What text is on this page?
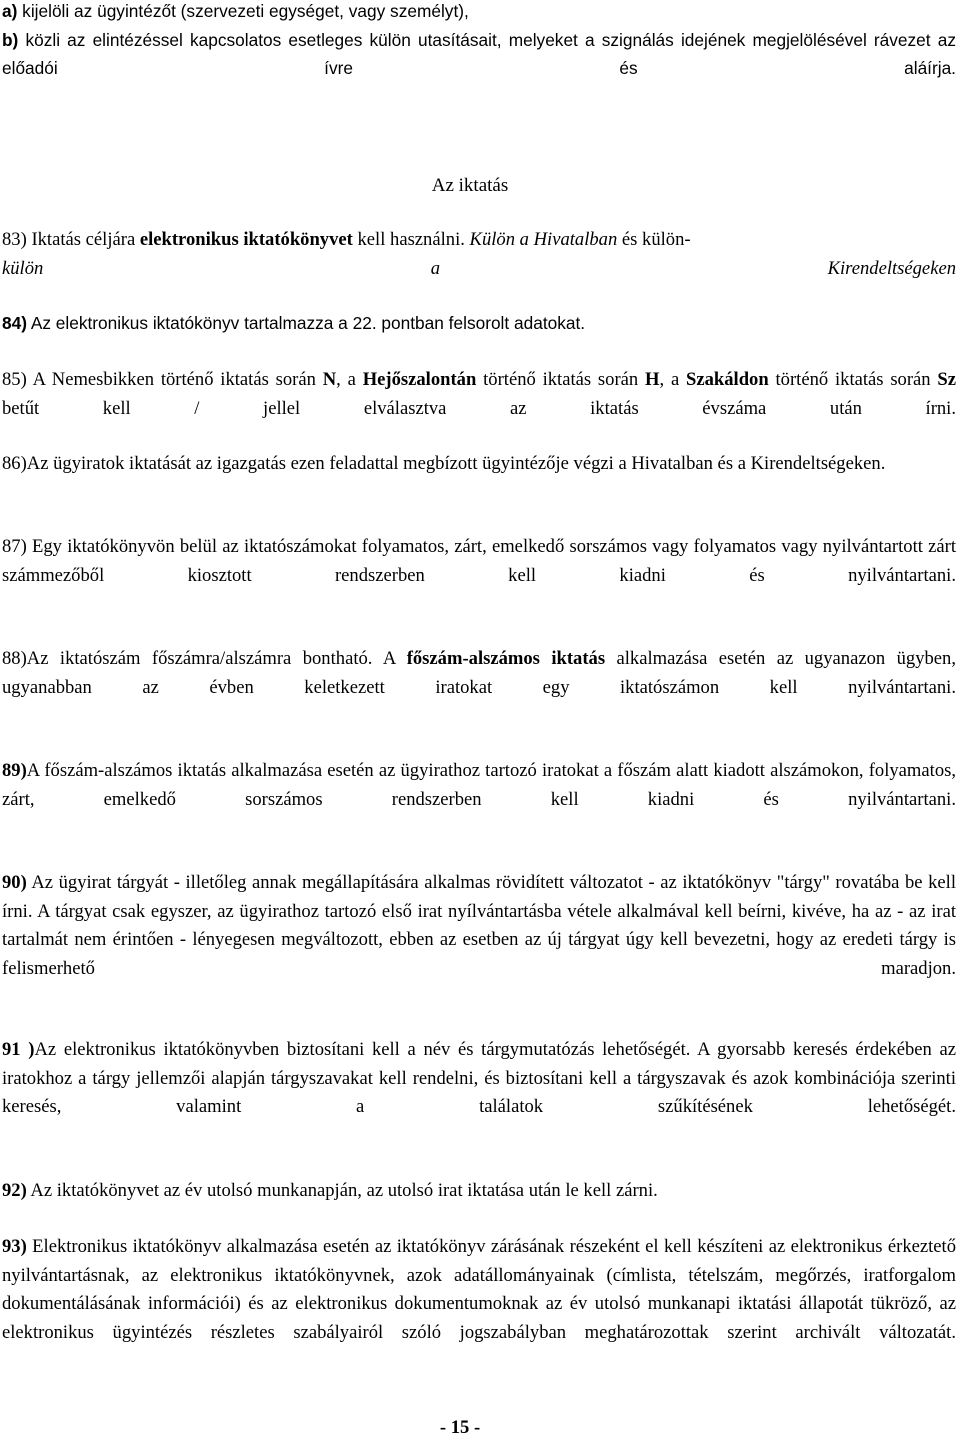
a) kijelöli az ügyintézőt (szervezeti egységet, vagy személyt),
b) közli az elintézéssel kapcsolatos esetleges külön utasításait, melyeket a szignálás idejének megjelölésével rávezet az előadói ívre és aláírja.

Az iktatás

83) Iktatás céljára elektronikus iktatókönyvet kell használni. Külön a Hivatalban és külön-
külön a Kirendeltségeken

84) Az elektronikus iktatókönyv tartalmazza a 22. pontban felsorolt adatokat.

85) A Nemesbikken történő iktatás során N, a Hejőszalontán történő iktatás során H, a Szakáldon történő iktatás során Sz betűt kell / jellel elválasztva az iktatás évszáma után írni.

86)Az ügyiratok iktatását az igazgatás ezen feladattal megbízott ügyintézője végzi a Hivatalban és a Kirendeltségeken.

87) Egy iktatókönyvön belül az iktatószámokat folyamatos, zárt, emelkedő sorszámos vagy folyamatos vagy nyilvántartott zárt számmezőből kiosztott rendszerben kell kiadni és nyilvántartani.

88)Az iktatószám főszámra/alszámra bontható. A főszám-alszámos iktatás alkalmazása esetén az ugyanazon ügyben, ugyanabban az évben keletkezett iratokat egy iktatószámon kell nyilvántartani.

89)A főszám-alszámos iktatás alkalmazása esetén az ügyirathoz tartozó iratokat a főszám alatt kiadott alszámokon, folyamatos, zárt, emelkedő sorszámos rendszerben kell kiadni és nyilvántartani.

90) Az ügyirat tárgyát - illetőleg annak megállapítására alkalmas rövidített változatot - az iktatókönyv "tárgy" rovatába be kell írni. A tárgyat csak egyszer, az ügyirathoz tartozó első irat nyílvántartásba vétele alkalmával kell beírni, kivéve, ha az - az irat tartalmát nem érintően - lényegesen megváltozott, ebben az esetben az új tárgyat úgy kell bevezetni, hogy az eredeti tárgy is felismerhető maradjon.

91 )Az elektronikus iktatókönyvben biztosítani kell a név és tárgymutatózás lehetőségét. A gyorsabb keresés érdekében az iratokhoz a tárgy jellemzői alapján tárgyszavakat kell rendelni, és biztosítani kell a tárgyszavak és azok kombinációja szerinti keresés, valamint a találatok szűkítésének lehetőségét.

92) Az iktatókönyvet az év utolsó munkanapján, az utolsó irat iktatása után le kell zárni.

93) Elektronikus iktatókönyv alkalmazása esetén az iktatókönyv zárásának részeként el kell készíteni az elektronikus érkeztető nyilvántartásnak, az elektronikus iktatókönyvnek, azok adatállományainak (címlista, tételszám, megőrzés, iratforgalom dokumentálásának információi) és az elektronikus dokumentumoknak az év utolsó munkanapi iktatási állapotát tükröző, az elektronikus ügyintézés részletes szabályairól szóló jogszabályban meghatározottak szerint archivált változatát.

- 15 -
